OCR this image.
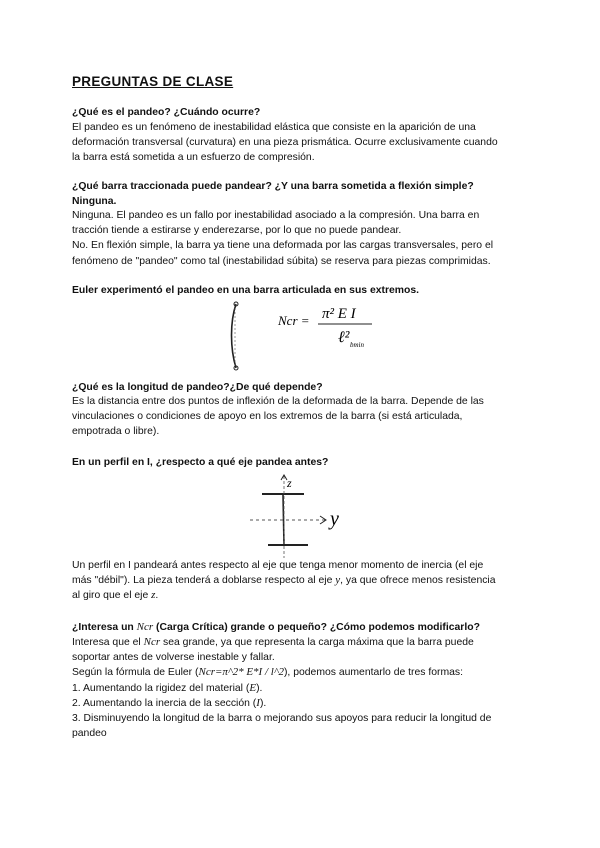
PREGUNTAS DE CLASE
¿Qué es el pandeo? ¿Cuándo ocurre?
El pandeo es un fenómeno de inestabilidad elástica que consiste en la aparición de una
deformación transversal (curvatura) en una pieza prismática. Ocurre exclusivamente cuando
la barra está sometida a un esfuerzo de compresión.
¿Qué barra traccionada puede pandear? ¿Y una barra sometida a flexión simple?
Ninguna.
Ninguna. El pandeo es un fallo por inestabilidad asociado a la compresión. Una barra en
tracción tiende a estirarse y enderezarse, por lo que no puede pandear.
No. En flexión simple, la barra ya tiene una deformada por las cargas transversales, pero el
fenómeno de "pandeo" como tal (inestabilidad súbita) se reserva para piezas comprimidas.
Euler experimentó el pandeo en una barra articulada en sus extremos.
Ncr = π² E I
ℓ² bmin
¿Qué es la longitud de pandeo?¿De qué depende?
Es la distancia entre dos puntos de inflexión de la deformada de la barra. Depende de las
vinculaciones o condiciones de apoyo en los extremos de la barra (si está articulada,
empotrada o libre).
En un perfil en I, ¿respecto a qué eje pandea antes?
z
y
Un perfil en I pandeará antes respecto al eje que tenga menor momento de inercia (el eje
más "débil"). La pieza tenderá a doblarse respecto al eje y, ya que ofrece menos resistencia
al giro que el eje z.
¿Interesa un Ncr (Carga Crítica) grande o pequeño? ¿Cómo podemos modificarlo?
Interesa que el Ncr sea grande, ya que representa la carga máxima que la barra puede
soportar antes de volverse inestable y fallar.
Según la fórmula de Euler (Ncr=π^2* E*I / l^2), podemos aumentarlo de tres formas:
1. Aumentando la rigidez del material (E).
2. Aumentando la inercia de la sección (I).
3. Disminuyendo la longitud de la barra o mejorando sus apoyos para reducir la longitud de
pandeo
